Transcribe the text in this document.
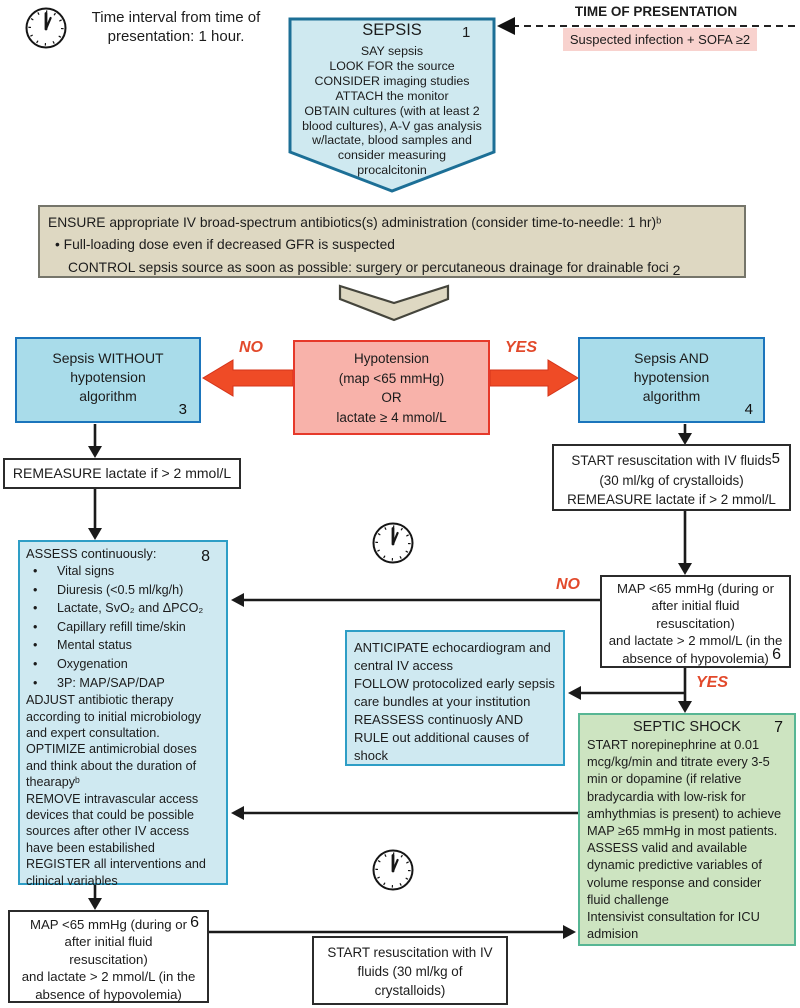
Time interval from time of
presentation: 1 hour.
TIME OF PRESENTATION
Suspected infection + SOFA ≥2
SEPSIS	1
SAY sepsis
LOOK FOR the source
CONSIDER imaging studies
ATTACH the monitor
OBTAIN cultures (with at least 2
blood cultures), A-V gas analysis
w/lactate, blood samples and
consider measuring
procalcitonin
ENSURE appropriate IV broad-spectrum antibiotics(s) administration (consider time-to-needle: 1 hr)ᵇ
• Full-loading dose even if decreased GFR is suspected
CONTROL sepsis source as soon as possible: surgery or percutaneous drainage for drainable foci 2
Sepsis WITHOUT
hypotension
algorithm
3
NO	YES
Hypotension
(map <65 mmHg)
OR
lactate ≥ 4 mmol/L
Sepsis AND
hypotension
algorithm
4
REMEASURE lactate if > 2 mmol/L
START resuscitation with IV fluids
(30 ml/kg of crystalloids)
REMEASURE lactate if > 2 mmol/L
5
ASSESS continuously:	8
•	Vital signs
•	Diuresis (<0.5 ml/kg/h)
•	Lactate, SvO₂ and ΔPCO₂
•	Capillary refill time/skin
•	Mental status
•	Oxygenation
•	3P: MAP/SAP/DAP
ADJUST antibiotic therapy
according to initial microbiology
and expert consultation.
OPTIMIZE antimicrobial doses
and think about the duration of
thearapyᵇ
REMOVE intravascular access
devices that could be possible
sources after other IV access
have been estabilished
REGISTER all interventions and
clinical variables
NO	MAP <65 mmHg (during or
after initial fluid
resuscitation)
and lactate > 2 mmol/L (in the
absence of hypovolemia) 6
YES
ANTICIPATE echocardiogram and
central IV access
FOLLOW protocolized early sepsis
care bundles at your institution
REASSESS continuosly AND
RULE out additional causes of
shock
SEPTIC SHOCK	7
START norepinephrine at 0.01
mcg/kg/min and titrate every 3-5
min or dopamine (if relative
bradycardia with low-risk for
amhythmias is present) to achieve
MAP ≥65 mmHg in most patients.
ASSESS valid and available
dynamic predictive variables of
volume response and consider
fluid challenge
Intensivist consultation for ICU
admision
MAP <65 mmHg (during or
after initial fluid
resuscitation)
and lactate > 2 mmol/L (in the
absence of hypovolemia)
6
START resuscitation with IV
fluids (30 ml/kg of
crystalloids)
